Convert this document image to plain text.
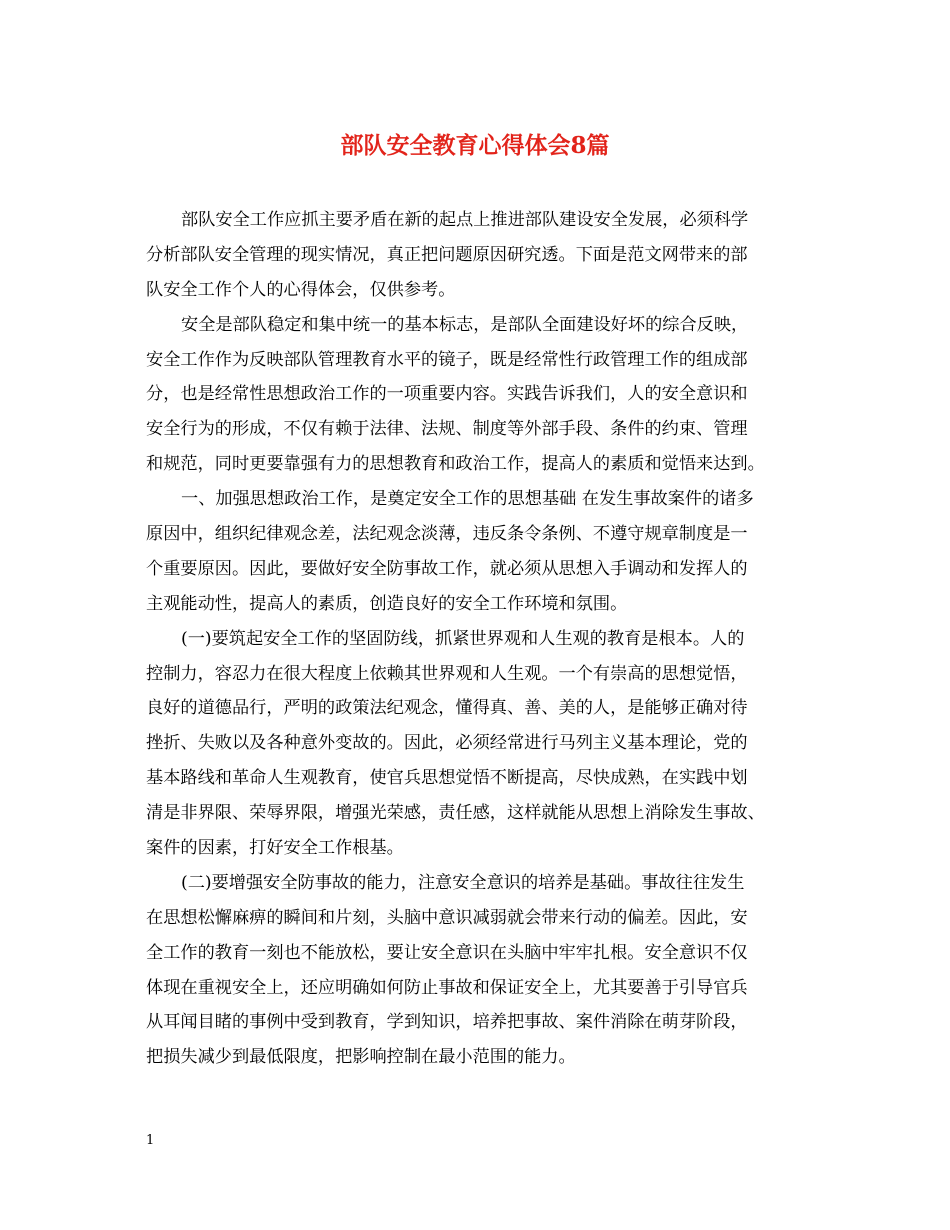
部队安全教育心得体会8篇
部队安全工作应抓主要矛盾在新的起点上推进部队建设安全发展，必须科学
分析部队安全管理的现实情况，真正把问题原因研究透。下面是范文网带来的部
队安全工作个人的心得体会，仅供参考。
安全是部队稳定和集中统一的基本标志，是部队全面建设好坏的综合反映，
安全工作作为反映部队管理教育水平的镜子，既是经常性行政管理工作的组成部
分，也是经常性思想政治工作的一项重要内容。实践告诉我们，人的安全意识和
安全行为的形成，不仅有赖于法律、法规、制度等外部手段、条件的约束、管理
和规范，同时更要靠强有力的思想教育和政治工作，提高人的素质和觉悟来达到。
一、加强思想政治工作，是奠定安全工作的思想基础 在发生事故案件的诸多
原因中，组织纪律观念差，法纪观念淡薄，违反条令条例、不遵守规章制度是一
个重要原因。因此，要做好安全防事故工作，就必须从思想入手调动和发挥人的
主观能动性，提高人的素质，创造良好的安全工作环境和氛围。
(一)要筑起安全工作的坚固防线，抓紧世界观和人生观的教育是根本。人的
控制力，容忍力在很大程度上依赖其世界观和人生观。一个有崇高的思想觉悟，
良好的道德品行，严明的政策法纪观念，懂得真、善、美的人，是能够正确对待
挫折、失败以及各种意外变故的。因此，必须经常进行马列主义基本理论，党的
基本路线和革命人生观教育，使官兵思想觉悟不断提高，尽快成熟，在实践中划
清是非界限、荣辱界限，增强光荣感，责任感，这样就能从思想上消除发生事故、
案件的因素，打好安全工作根基。
(二)要增强安全防事故的能力，注意安全意识的培养是基础。事故往往发生
在思想松懈麻痹的瞬间和片刻，头脑中意识减弱就会带来行动的偏差。因此，安
全工作的教育一刻也不能放松，要让安全意识在头脑中牢牢扎根。安全意识不仅
体现在重视安全上，还应明确如何防止事故和保证安全上，尤其要善于引导官兵
从耳闻目睹的事例中受到教育，学到知识，培养把事故、案件消除在萌芽阶段，
把损失减少到最低限度，把影响控制在最小范围的能力。
1
